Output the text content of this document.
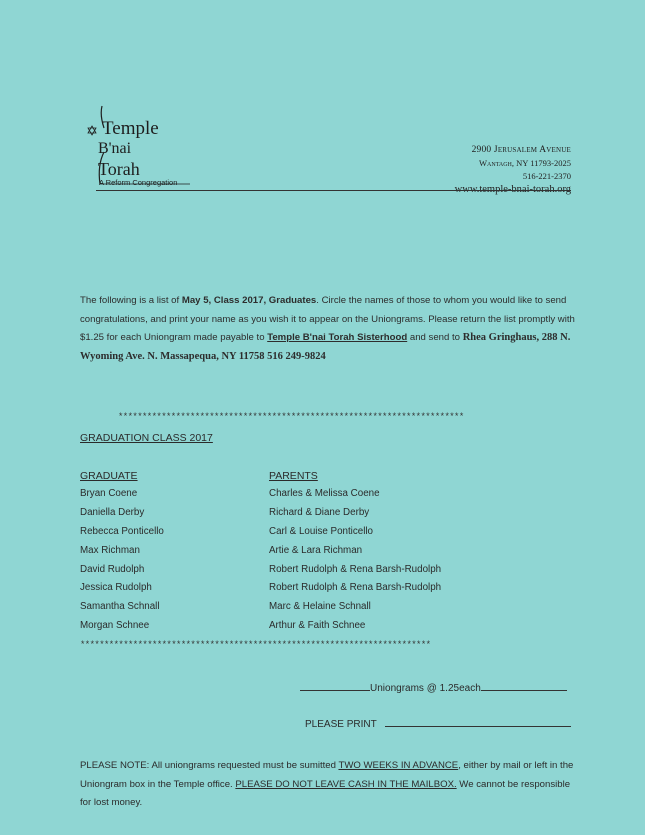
Temple
B'nai
Torah
A Reform Congregation
2900 Jerusalem Avenue
Wantagh, NY 11793-2025
516-221-2370
The following is a list of May 5, Class 2017, Graduates. Circle the names of those to whom you would like to send congratulations, and print your name as you wish it to appear on the Uniongrams. Please return the list promptly with $1.25 for each Uniongram made payable to Temple B'nai Torah Sisterhood and send to Rhea Gringhaus, 288 N. Wyoming Ave. N. Massapequa, NY 11758 516 249-9824
************************************************************************
GRADUATION CLASS 2017
GRADUATE	PARENTS
Bryan Coene	Charles & Melissa Coene
Daniella Derby	Richard & Diane Derby
Rebecca Ponticello	Carl & Louise Ponticello
Max Richman	Artie & Lara Richman
David Rudolph	Robert Rudolph & Rena Barsh-Rudolph
Jessica Rudolph	Robert Rudolph & Rena Barsh-Rudolph
Samantha Schnall	Marc & Helaine Schnall
Morgan Schnee	Arthur & Faith Schnee
*************************************************************************
Uniongrams @ 1.25each
PLEASE PRINT
PLEASE NOTE: All uniongrams requested must be sumitted TWO WEEKS IN ADVANCE, either by mail or left in the Uniongram box in the Temple office. PLEASE DO NOT LEAVE CASH IN THE MAILBOX. We cannot be responsible for lost money.
